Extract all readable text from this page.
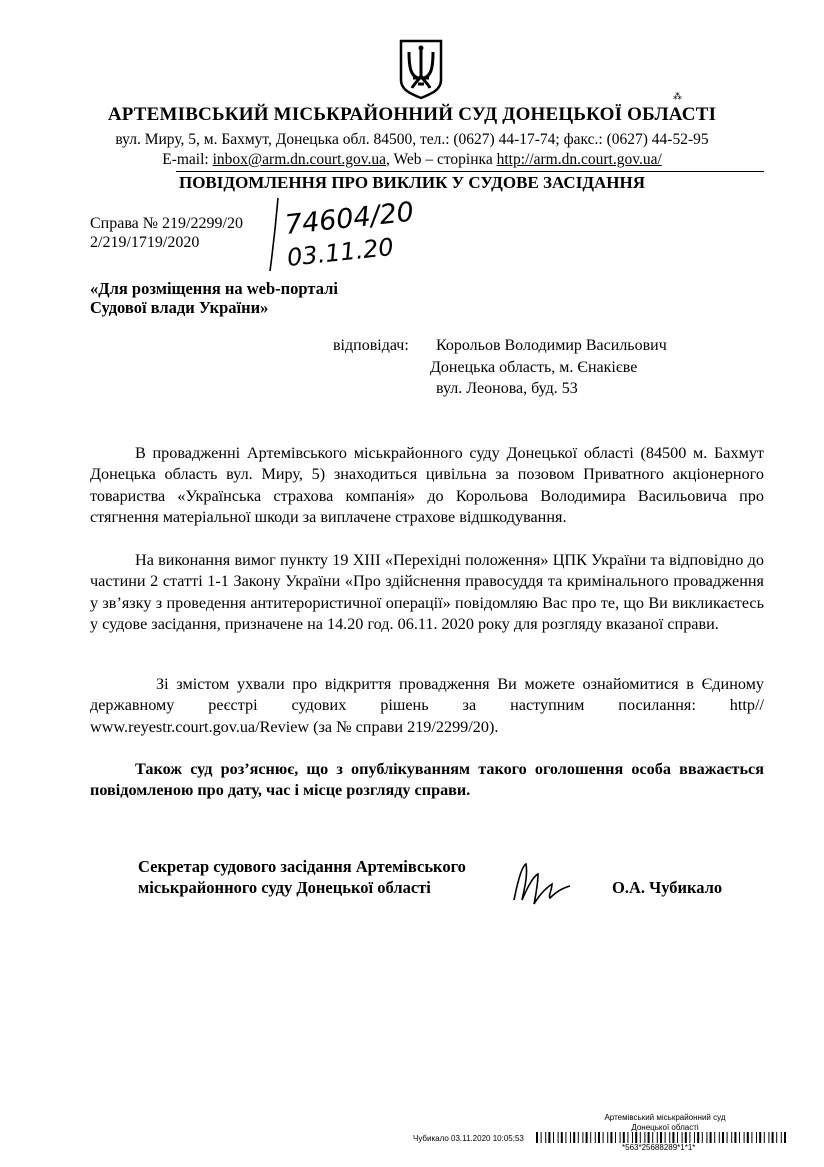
⁂
АРТЕМІВСЬКИЙ МІСЬКРАЙОННИЙ СУД ДОНЕЦЬКОЇ ОБЛАСТІ
вул. Миру, 5, м. Бахмут, Донецька обл. 84500, тел.: (0627) 44-17-74; факс.: (0627) 44-52-95
E-mail: inbox@arm.dn.court.gov.ua, Web – сторінка http://arm.dn.court.gov.ua/
ПОВІДОМЛЕННЯ ПРО ВИКЛИК У СУДОВЕ ЗАСІДАННЯ
Справа № 219/2299/20
2/219/1719/2020
74604/20
03.11.20
«Для розміщення на web-порталі
Судової влади України»
відповідач: Корольов Володимир Васильович
Донецька область, м. Єнакієве
вул. Леонова, буд. 53
В провадженні Артемівського міськрайонного суду Донецької області (84500 м. Бахмут Донецька область вул. Миру, 5) знаходиться цивільна за позовом Приватного акціонерного товариства «Українська страхова компанія» до Корольова Володимира Васильовича про стягнення матеріальної шкоди за виплачене страхове відшкодування.
На виконання вимог пункту 19 ХІІІ «Перехідні положення» ЦПК України та відповідно до частини 2 статті 1-1 Закону України «Про здійснення правосуддя та кримінального провадження у зв’язку з проведення антитерористичної операції» повідомляю Вас про те, що Ви викликаєтесь у судове засідання, призначене на 14.20 год. 06.11. 2020 року для розгляду вказаної справи.
Зі змістом ухвали про відкриття провадження Ви можете ознайомитися в Єдиному державному реєстрі судових рішень за наступним посилання: http// www.reyestr.court.gov.ua/Review (за № справи 219/2299/20).
Також суд роз’яснює, що з опублікуванням такого оголошення особа вважається повідомленою про дату, час і місце розгляду справи.
Секретар судового засідання Артемівського
міськрайонного суду Донецької області	О.А. Чубикало
Артемівський міськрайонний суд
Донецької області
Чубикало 03.11.2020 10:05:53
*563*25688289*1*1*
